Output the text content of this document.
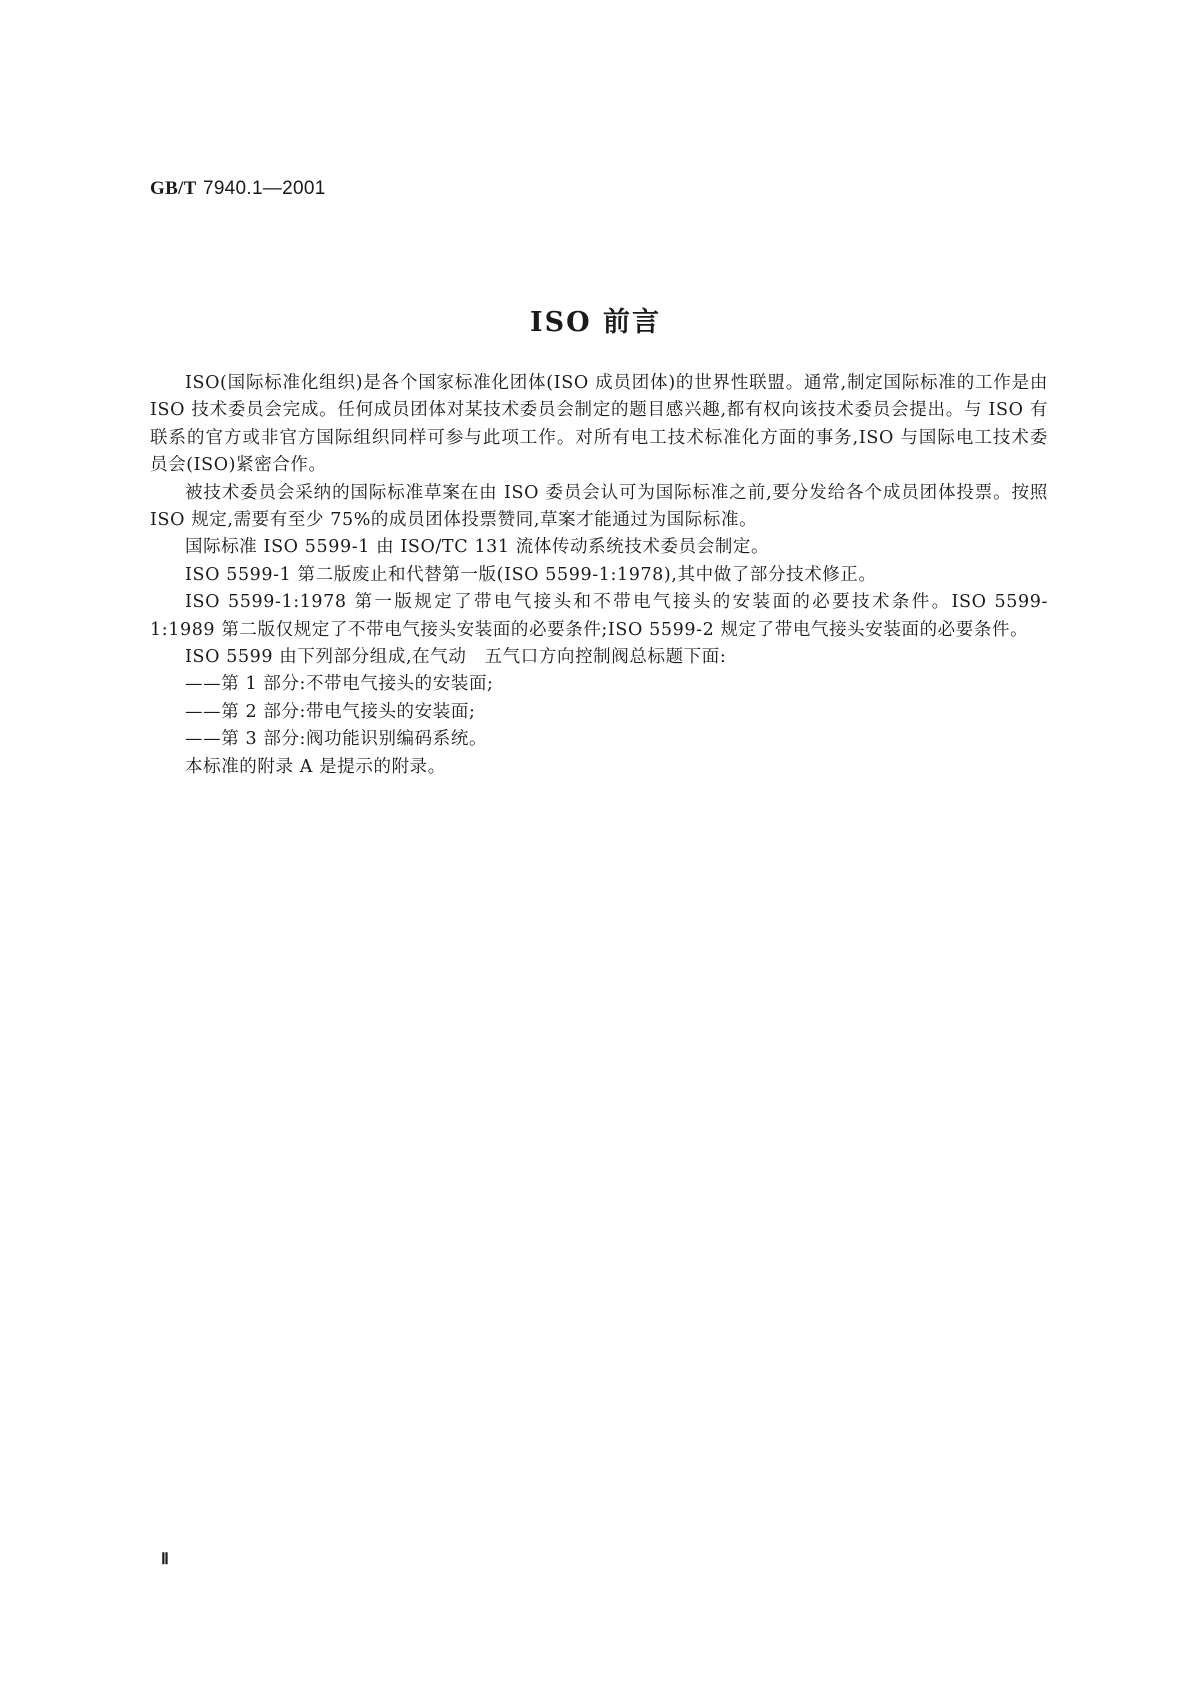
GB/T 7940.1—2001
ISO 前言

ISO(国际标准化组织)是各个国家标准化团体(ISO 成员团体)的世界性联盟。通常,制定国际标准的工作是由 ISO 技术委员会完成。任何成员团体对某技术委员会制定的题目感兴趣,都有权向该技术委员会提出。与 ISO 有联系的官方或非官方国际组织同样可参与此项工作。对所有电工技术标准化方面的事务,ISO 与国际电工技术委员会(ISO)紧密合作。

被技术委员会采纳的国际标准草案在由 ISO 委员会认可为国际标准之前,要分发给各个成员团体投票。按照 ISO 规定,需要有至少 75%的成员团体投票赞同,草案才能通过为国际标准。

国际标准 ISO 5599-1 由 ISO/TC 131 流体传动系统技术委员会制定。

ISO 5599-1 第二版废止和代替第一版(ISO 5599-1:1978),其中做了部分技术修正。

ISO 5599-1:1978 第一版规定了带电气接头和不带电气接头的安装面的必要技术条件。ISO 5599-1:1989 第二版仅规定了不带电气接头安装面的必要条件;ISO 5599-2 规定了带电气接头安装面的必要条件。

ISO 5599 由下列部分组成,在气动　五气口方向控制阀总标题下面:

——第 1 部分:不带电气接头的安装面;

——第 2 部分:带电气接头的安装面;

——第 3 部分:阀功能识别编码系统。

本标准的附录 A 是提示的附录。

Ⅱ
